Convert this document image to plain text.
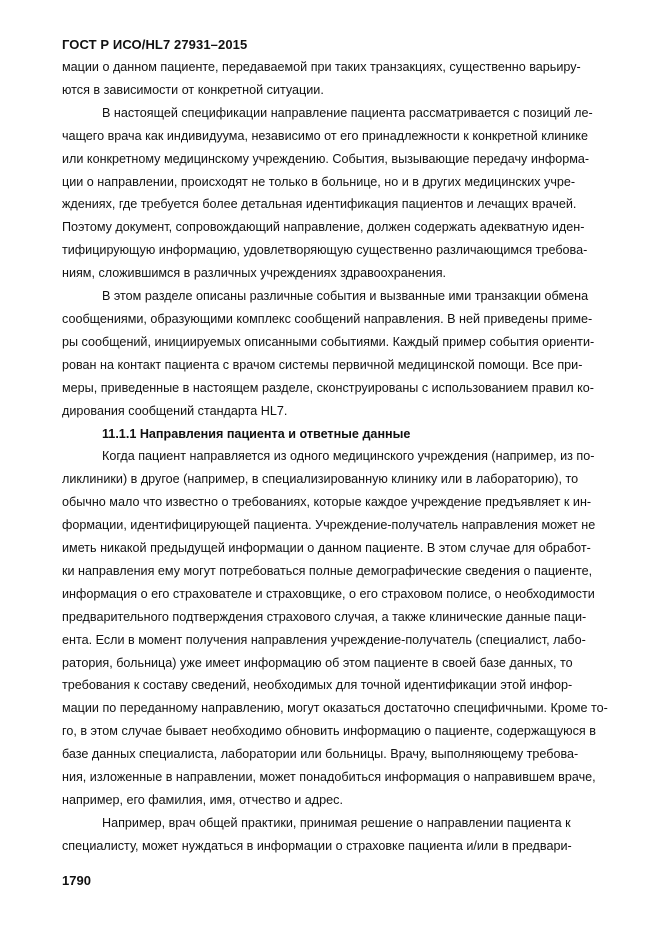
ГОСТ Р ИСО/HL7 27931–2015

мации о данном пациенте, передаваемой при таких транзакциях, существенно варьиру-
ются в зависимости от конкретной ситуации.

В настоящей спецификации направление пациента рассматривается с позиций ле-
чащего врача как индивидуума, независимо от его принадлежности к конкретной клинике
или конкретному медицинскому учреждению. События, вызывающие передачу информа-
ции о направлении, происходят не только в больнице, но и в других медицинских учре-
ждениях, где требуется более детальная идентификация пациентов и лечащих врачей.
Поэтому документ, сопровождающий направление, должен содержать адекватную иден-
тифицирующую информацию, удовлетворяющую существенно различающимся требова-
ниям, сложившимся в различных учреждениях здравоохранения.

В этом разделе описаны различные события и вызванные ими транзакции обмена
сообщениями, образующими комплекс сообщений направления. В ней приведены приме-
ры сообщений, инициируемых описанными событиями. Каждый пример события ориенти-
рован на контакт пациента с врачом системы первичной медицинской помощи. Все при-
меры, приведенные в настоящем разделе, сконструированы с использованием правил ко-
дирования сообщений стандарта HL7.

11.1.1 Направления пациента и ответные данные

Когда пациент направляется из одного медицинского учреждения (например, из по-
ликлиники) в другое (например, в специализированную клинику или в лабораторию), то
обычно мало что известно о требованиях, которые каждое учреждение предъявляет к ин-
формации, идентифицирующей пациента. Учреждение-получатель направления может не
иметь никакой предыдущей информации о данном пациенте. В этом случае для обработ-
ки направления ему могут потребоваться полные демографические сведения о пациенте,
информация о его страхователе и страховщике, о его страховом полисе, о необходимости
предварительного подтверждения страхового случая, а также клинические данные паци-
ента. Если в момент получения направления учреждение-получатель (специалист, лабо-
ратория, больница) уже имеет информацию об этом пациенте в своей базе данных, то
требования к составу сведений, необходимых для точной идентификации этой инфор-
мации по переданному направлению, могут оказаться достаточно специфичными. Кроме то-
го, в этом случае бывает необходимо обновить информацию о пациенте, содержащуюся в
базе данных специалиста, лаборатории или больницы. Врачу, выполняющему требова-
ния, изложенные в направлении, может понадобиться информация о направившем враче,
например, его фамилия, имя, отчество и адрес.

Например, врач общей практики, принимая решение о направлении пациента к
специалисту, может нуждаться в информации о страховке пациента и/или в предвари-

1790
